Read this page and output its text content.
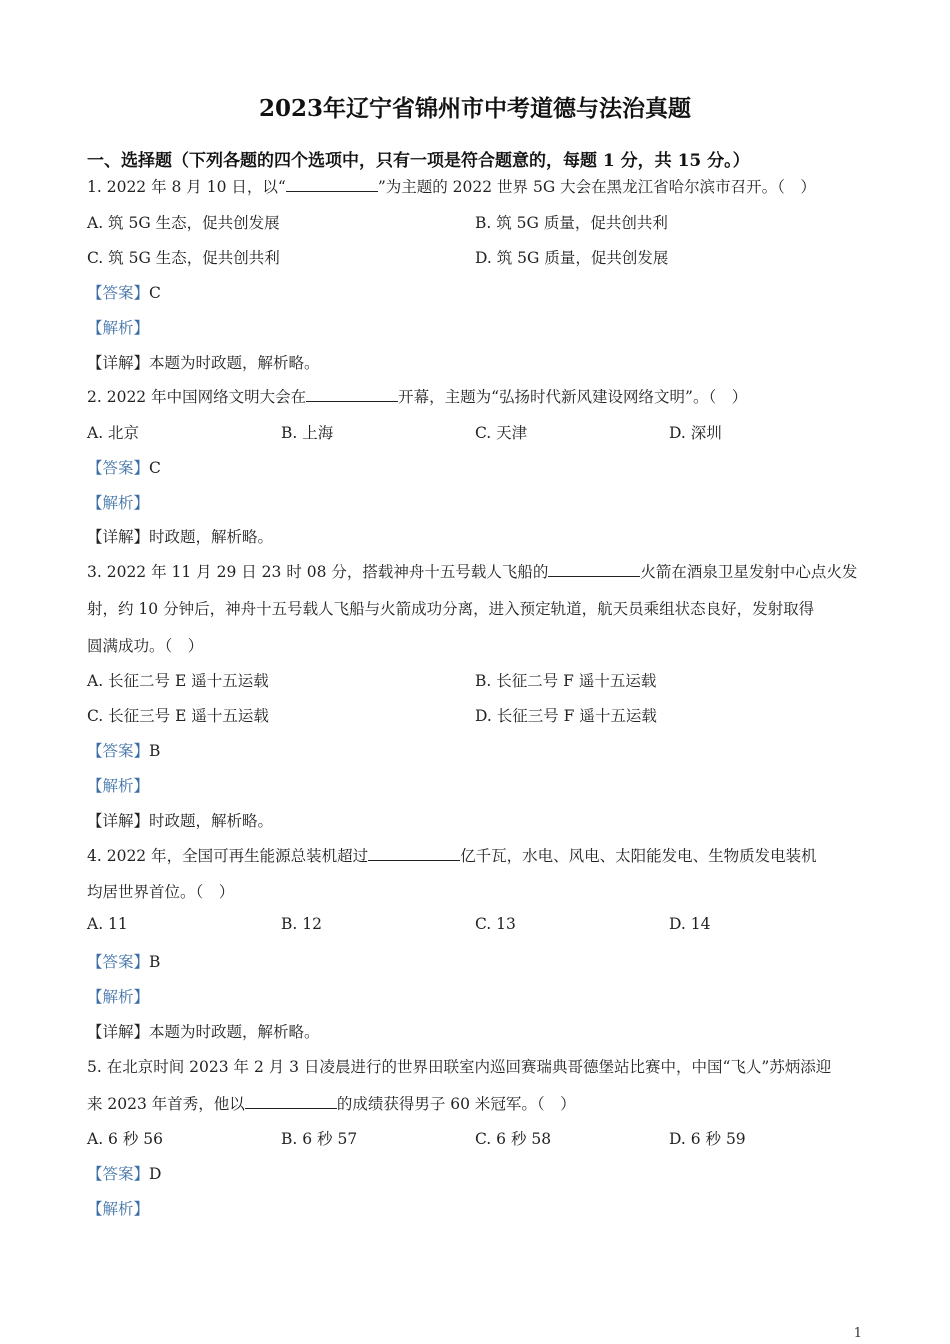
2023年辽宁省锦州市中考道德与法治真题
一、选择题（下列各题的四个选项中，只有一项是符合题意的，每题 1 分，共 15 分。）
1. 2022 年 8 月 10 日，以“	”为主题的 2022 世界 5G 大会在黑龙江省哈尔滨市召开。（　）
A. 筑 5G 生态，促共创发展	B. 筑 5G 质量，促共创共利
C. 筑 5G 生态，促共创共利	D. 筑 5G 质量，促共创发展
【答案】C
【解析】
【详解】本题为时政题，解析略。
2. 2022 年中国网络文明大会在	开幕，主题为“弘扬时代新风建设网络文明”。（　）
A. 北京	B. 上海	C. 天津	D. 深圳
【答案】C
【解析】
【详解】时政题，解析略。
3. 2022 年 11 月 29 日 23 时 08 分，搭载神舟十五号载人飞船的	火箭在酒泉卫星发射中心点火发
射，约 10 分钟后，神舟十五号载人飞船与火箭成功分离，进入预定轨道，航天员乘组状态良好，发射取得
圆满成功。（　）
A. 长征二号 E 遥十五运载	B. 长征二号 F 遥十五运载
C. 长征三号 E 遥十五运载	D. 长征三号 F 遥十五运载
【答案】B
【解析】
【详解】时政题，解析略。
4. 2022 年，全国可再生能源总装机超过	亿千瓦，水电、风电、太阳能发电、生物质发电装机
均居世界首位。（　）
A. 11	B. 12	C. 13	D. 14
【答案】B
【解析】
【详解】本题为时政题，解析略。
5. 在北京时间 2023 年 2 月 3 日凌晨进行的世界田联室内巡回赛瑞典哥德堡站比赛中，中国“飞人”苏炳添迎
来 2023 年首秀，他以	的成绩获得男子 60 米冠军。（　）
A. 6 秒 56	B. 6 秒 57	C. 6 秒 58	D. 6 秒 59
【答案】D
【解析】
1
